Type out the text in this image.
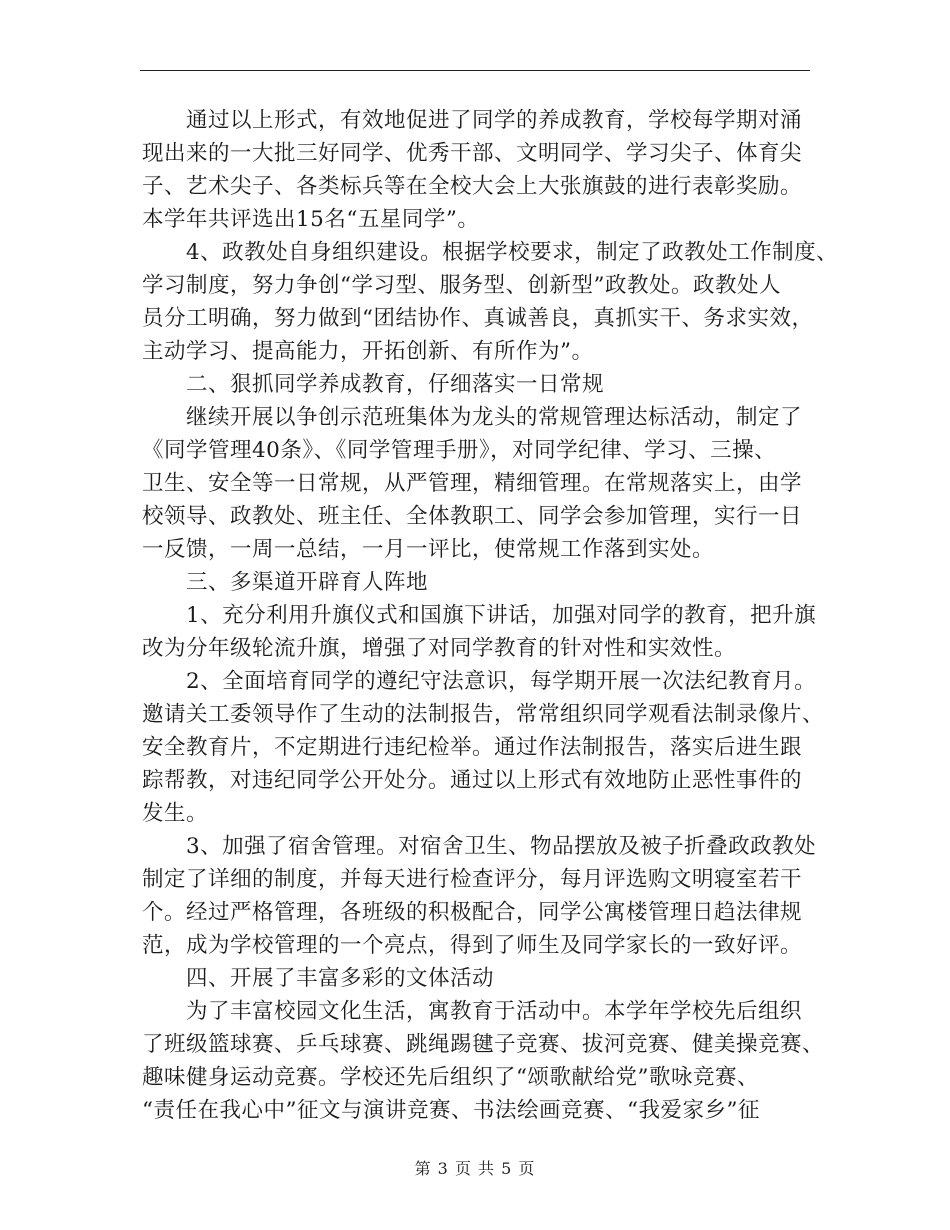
通过以上形式，有效地促进了同学的养成教育，学校每学期对涌
现出来的一大批三好同学、优秀干部、文明同学、学习尖子、体育尖
子、艺术尖子、各类标兵等在全校大会上大张旗鼓的进行表彰奖励。
本学年共评选出15名“五星同学”。
4、政教处自身组织建设。根据学校要求，制定了政教处工作制度、
学习制度，努力争创“学习型、服务型、创新型”政教处。政教处人
员分工明确，努力做到“团结协作、真诚善良，真抓实干、务求实效，
主动学习、提高能力，开拓创新、有所作为”。
二、狠抓同学养成教育，仔细落实一日常规
继续开展以争创示范班集体为龙头的常规管理达标活动，制定了
《同学管理40条》、《同学管理手册》，对同学纪律、学习、三操、
卫生、安全等一日常规，从严管理，精细管理。在常规落实上，由学
校领导、政教处、班主任、全体教职工、同学会参加管理，实行一日
一反馈，一周一总结，一月一评比，使常规工作落到实处。
三、多渠道开辟育人阵地
1、充分利用升旗仪式和国旗下讲话，加强对同学的教育，把升旗
改为分年级轮流升旗，增强了对同学教育的针对性和实效性。
2、全面培育同学的遵纪守法意识，每学期开展一次法纪教育月。
邀请关工委领导作了生动的法制报告，常常组织同学观看法制录像片、
安全教育片，不定期进行违纪检举。通过作法制报告，落实后进生跟
踪帮教，对违纪同学公开处分。通过以上形式有效地防止恶性事件的
发生。
3、加强了宿舍管理。对宿舍卫生、物品摆放及被子折叠政政教处
制定了详细的制度，并每天进行检查评分，每月评选购文明寝室若干
个。经过严格管理，各班级的积极配合，同学公寓楼管理日趋法律规
范，成为学校管理的一个亮点，得到了师生及同学家长的一致好评。
四、开展了丰富多彩的文体活动
为了丰富校园文化生活，寓教育于活动中。本学年学校先后组织
了班级篮球赛、乒乓球赛、跳绳踢毽子竞赛、拔河竞赛、健美操竞赛、
趣味健身运动竞赛。学校还先后组织了“颂歌献给党”歌咏竞赛、
“责任在我心中”征文与演讲竞赛、书法绘画竞赛、“我爱家乡”征
第 3 页 共 5 页
